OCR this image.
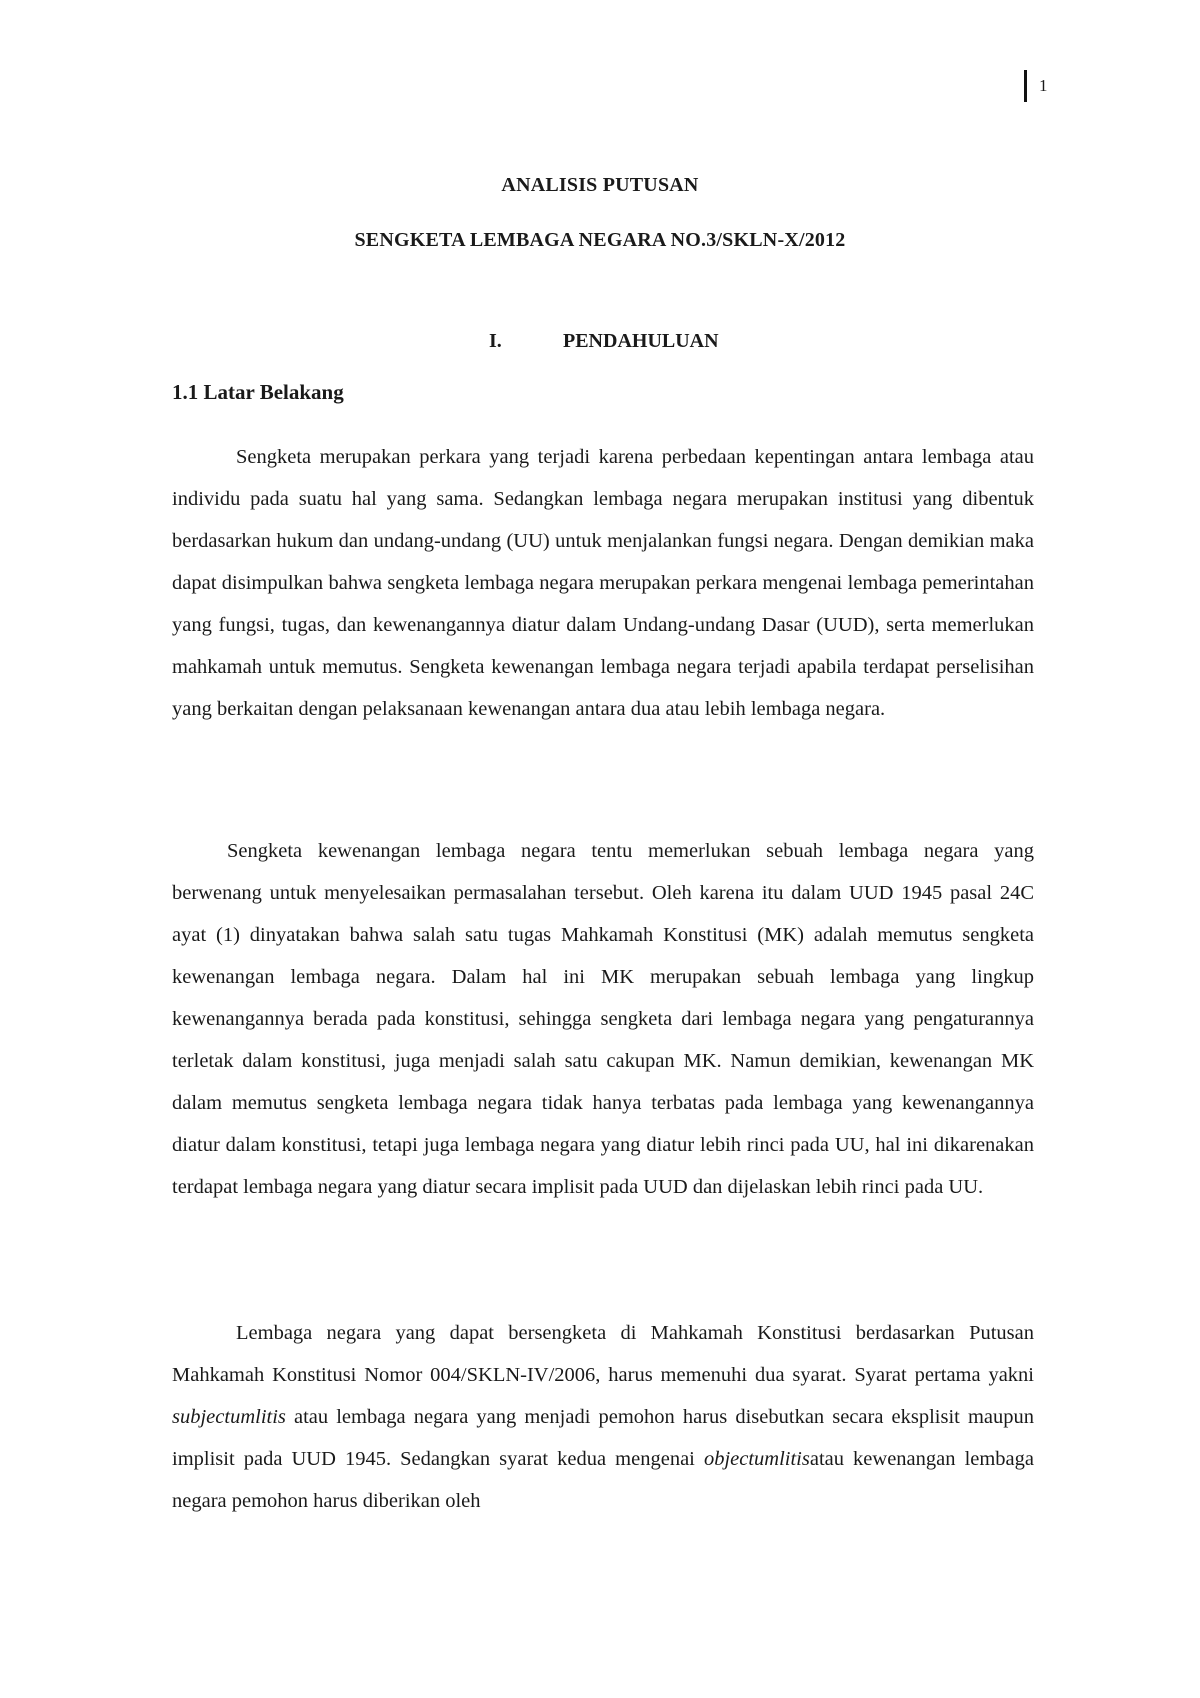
1
ANALISIS PUTUSAN
SENGKETA LEMBAGA NEGARA NO.3/SKLN-X/2012
I.	PENDAHULUAN
1.1 Latar Belakang

Sengketa merupakan perkara yang terjadi karena perbedaan kepentingan antara lembaga atau individu pada suatu hal yang sama. Sedangkan lembaga negara merupakan institusi yang dibentuk berdasarkan hukum dan undang-undang (UU) untuk menjalankan fungsi negara. Dengan demikian maka dapat disimpulkan bahwa sengketa lembaga negara merupakan perkara mengenai lembaga pemerintahan yang fungsi, tugas, dan kewenangannya diatur dalam Undang-undang Dasar (UUD), serta memerlukan mahkamah untuk memutus. Sengketa kewenangan lembaga negara terjadi apabila terdapat perselisihan yang berkaitan dengan pelaksanaan kewenangan antara dua atau lebih lembaga negara.

Sengketa kewenangan lembaga negara tentu memerlukan sebuah lembaga negara yang berwenang untuk menyelesaikan permasalahan tersebut. Oleh karena itu dalam UUD 1945 pasal 24C ayat (1) dinyatakan bahwa salah satu tugas Mahkamah Konstitusi (MK) adalah memutus sengketa kewenangan lembaga negara. Dalam hal ini MK merupakan sebuah lembaga yang lingkup kewenangannya berada pada konstitusi, sehingga sengketa dari lembaga negara yang pengaturannya terletak dalam konstitusi, juga menjadi salah satu cakupan MK. Namun demikian, kewenangan MK dalam memutus sengketa lembaga negara tidak hanya terbatas pada lembaga yang kewenangannya diatur dalam konstitusi, tetapi juga lembaga negara yang diatur lebih rinci pada UU, hal ini dikarenakan terdapat lembaga negara yang diatur secara implisit pada UUD dan dijelaskan lebih rinci pada UU.

Lembaga negara yang dapat bersengketa di Mahkamah Konstitusi berdasarkan Putusan Mahkamah Konstitusi Nomor 004/SKLN-IV/2006, harus memenuhi dua syarat. Syarat pertama yakni subjectumlitis atau lembaga negara yang menjadi pemohon harus disebutkan secara eksplisit maupun implisit pada UUD 1945. Sedangkan syarat kedua mengenai objectumlitisatau kewenangan lembaga negara pemohon harus diberikan oleh
